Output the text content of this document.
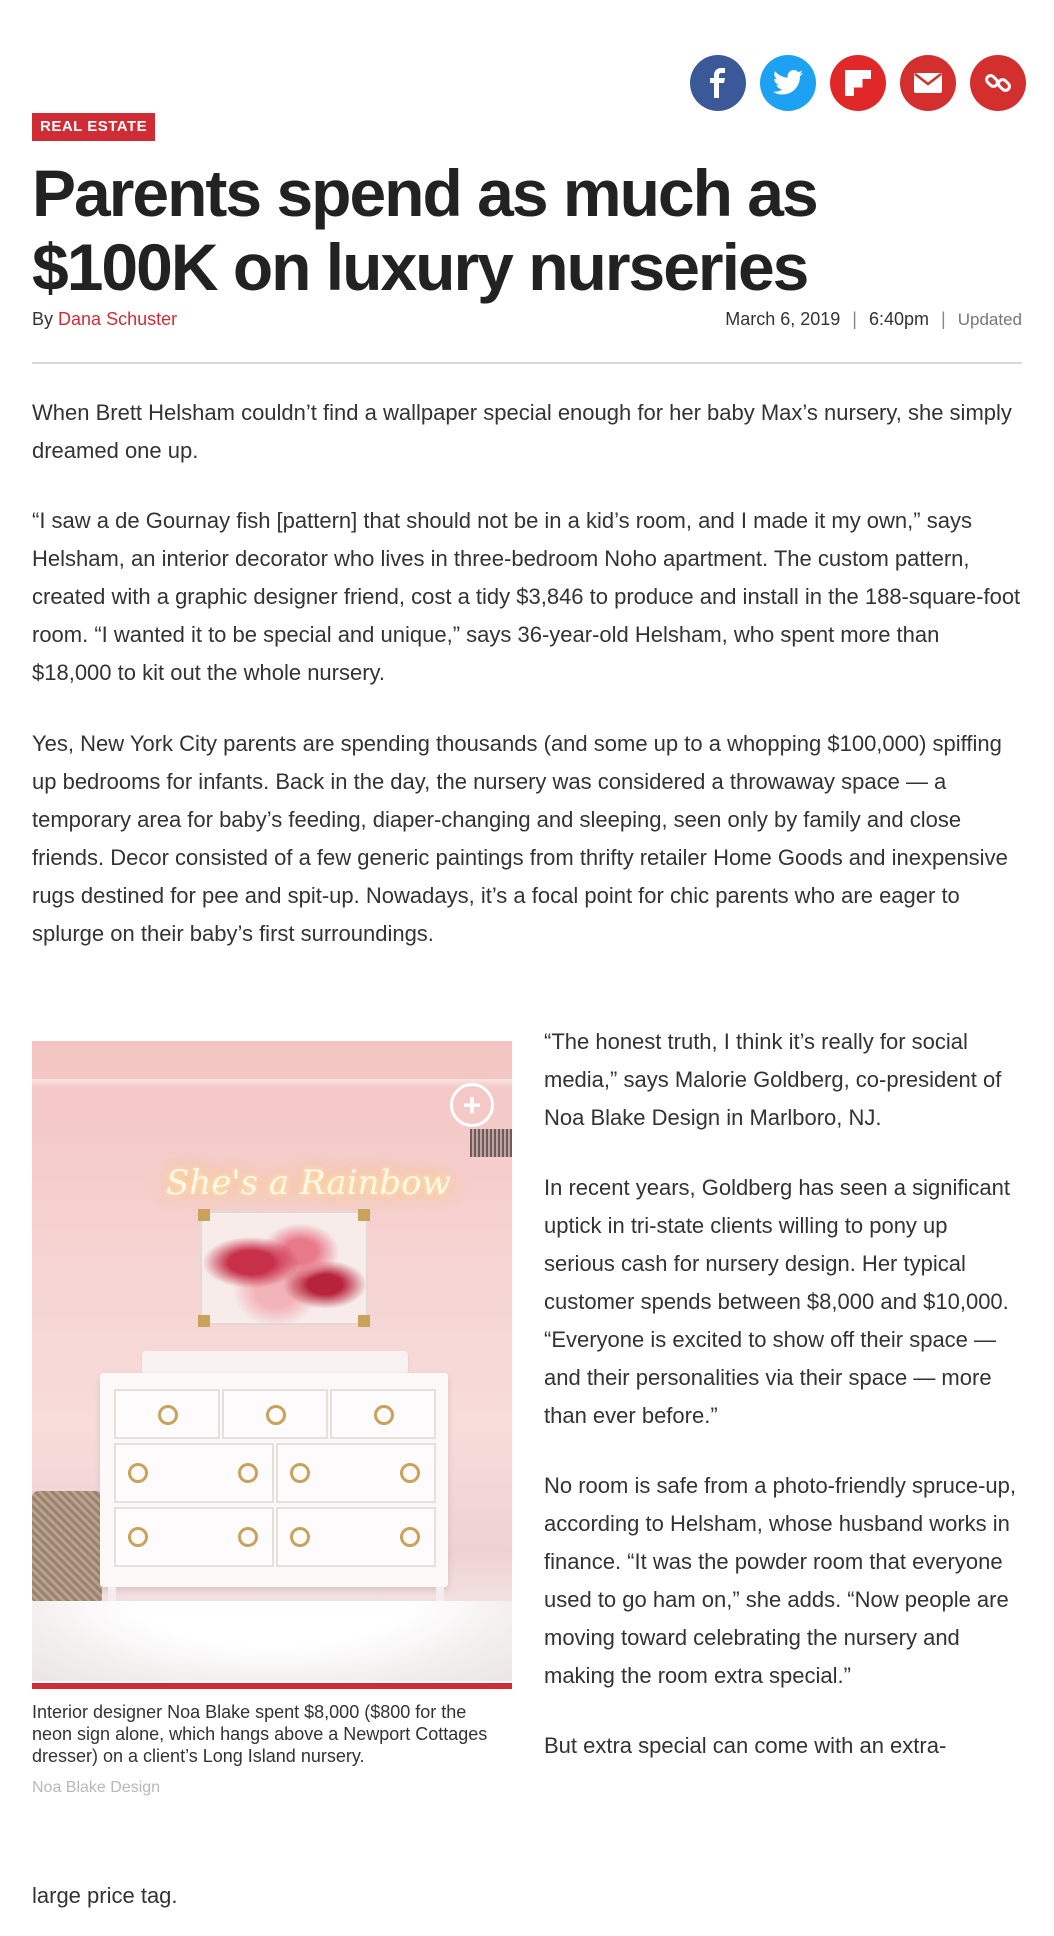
REAL ESTATE
Parents spend as much as $100K on luxury nurseries
By Dana Schuster	March 6, 2019 | 6:40pm | Updated

When Brett Helsham couldn’t find a wallpaper special enough for her baby Max’s nursery, she simply dreamed one up.

“I saw a de Gournay fish [pattern] that should not be in a kid’s room, and I made it my own,” says Helsham, an interior decorator who lives in three-bedroom Noho apartment. The custom pattern, created with a graphic designer friend, cost a tidy $3,846 to produce and install in the 188-square-foot room. “I wanted it to be special and unique,” says 36-year-old Helsham, who spent more than $18,000 to kit out the whole nursery.

Yes, New York City parents are spending thousands (and some up to a whopping $100,000) spiffing up bedrooms for infants. Back in the day, the nursery was considered a throwaway space — a temporary area for baby’s feeding, diaper-changing and sleeping, seen only by family and close friends. Decor consisted of a few generic paintings from thrifty retailer Home Goods and inexpensive rugs destined for pee and spit-up. Nowadays, it’s a focal point for chic parents who are eager to splurge on their baby’s first surroundings.

She's a Rainbow
+
Interior designer Noa Blake spent $8,000 ($800 for the neon sign alone, which hangs above a Newport Cottages dresser) on a client’s Long Island nursery.
Noa Blake Design

“The honest truth, I think it’s really for social media,” says Malorie Goldberg, co-president of Noa Blake Design in Marlboro, NJ.

In recent years, Goldberg has seen a significant uptick in tri-state clients willing to pony up serious cash for nursery design. Her typical customer spends between $8,000 and $10,000. “Everyone is excited to show off their space — and their personalities via their space — more than ever before.”

No room is safe from a photo-friendly spruce-up, according to Helsham, whose husband works in finance. “It was the powder room that everyone used to go ham on,” she adds. “Now people are moving toward celebrating the nursery and making the room extra special.”

But extra special can come with an extra-

large price tag.
